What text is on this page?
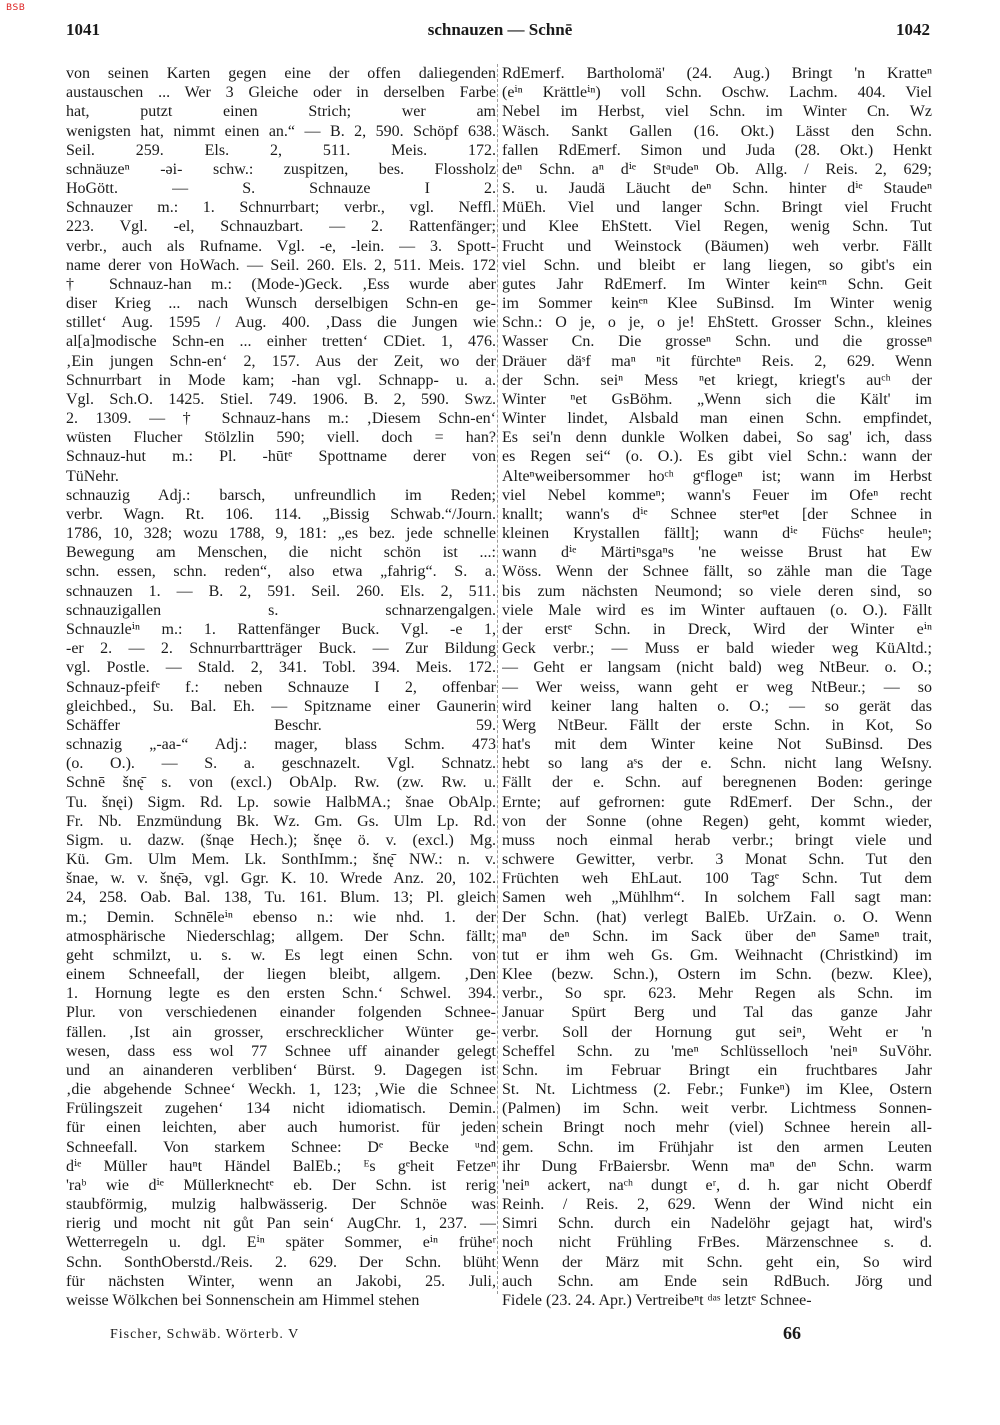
BSB
1041	schnauzen — Schnē	1042
von seinen Karten gegen eine der offen daliegenden
austauschen ... Wer 3 Gleiche oder in derselben Farbe
hat, putzt einen Strich; wer am
wenigsten hat, nimmt einen an.“ — B. 2, 590. Schöpf 638.
Seil. 259. Els. 2, 511. Meis. 172.
schnäuzeⁿ -əi- schw.: zuspitzen, bes. Flossholz
HoGött. — S. Schnauze I 2.
Schnauzer m.: 1. Schnurrbart; verbr., vgl. Neffl.
223. Vgl. -el, Schnauzbart. — 2. Rattenfänger;
verbr., auch als Rufname. Vgl. -e, -lein. — 3. Spott-
name derer von HoWach. — Seil. 260. Els. 2, 511. Meis. 172
† Schnauz-han m.: (Mode-)Geck. ‚Ess wurde aber
diser Krieg ... nach Wunsch derselbigen Schn-en ge-
stillet‘ Aug. 1595 / Aug. 400. ‚Dass die Jungen wie
al[a]modische Schn-en ... einher tretten‘ CDiet. 1, 476.
‚Ein jungen Schn-en‘ 2, 157. Aus der Zeit, wo der
Schnurrbart in Mode kam; -han vgl. Schnapp- u. a.
Vgl. Sch.O. 1425. Stiel. 749. 1906. B. 2, 590. Swz.
2. 1309. — † Schnauz-hans m.: ‚Diesem Schn-en‘
wüsten Flucher Stölzlin 590; viell. doch = han?
Schnauz-hut m.: Pl. -hūtᵉ Spottname derer von
TüNehr.
schnauzig Adj.: barsch, unfreundlich im Reden;
verbr. Wagn. Rt. 106. 114. „Bissig Schwab.“/Journ.
1786, 10, 328; wozu 1788, 9, 181: „es bez. jede schnelle
Bewegung am Menschen, die nicht schön ist ...:
schn. essen, schn. reden“, also etwa „fahrig“. S. a.
schnauzen 1. — B. 2, 591. Seil. 260. Els. 2, 511.
schnauzigallen s. schnarzengalgen.
Schnauzleⁱⁿ m.: 1. Rattenfänger Buck. Vgl. -e 1,
-er 2. — 2. Schnurrbartträger Buck. — Zur Bildung
vgl. Postle. — Stald. 2, 341. Tobl. 394. Meis. 172.
Schnauz-pfeifᵉ f.: neben Schnauze I 2, offenbar
gleichbed., Su. Bal. Eh. — Spitzname einer Gaunerin
Schäffer Beschr. 59.
schnazig „-aa-“ Adj.: mager, blass Schm. 473
(o. O.). — S. a. geschnazelt. Vgl. Schnatz.
Schnē šnę̄ s. von (excl.) ObAlp. Rw. (zw. Rw. u.
Tu. šnęi) Sigm. Rd. Lp. sowie HalbMA.; šnae ObAlp.
Fr. Nb. Enzmündung Bk. Wz. Gm. Gs. Ulm Lp. Rd.
Sigm. u. dazw. (šnąe Hech.); šnęe ö. v. (excl.) Mg.
Kü. Gm. Ulm Mem. Lk. SonthImm.; šnę̄ NW.: n. v.
šnae, w. v. šnę̄ə, vgl. Ggr. K. 10. Wrede Anz. 20, 102.
24, 258. Oab. Bal. 138, Tu. 161. Blum. 13; Pl. gleich
m.; Demin. Schnēleⁱⁿ ebenso n.: wie nhd. 1. der
atmosphärische Niederschlag; allgem. Der Schn. fällt;
geht schmilzt, u. s. w. Es legt einen Schn. von
einem Schneefall, der liegen bleibt, allgem. ‚Den
1. Hornung legte es den ersten Schn.‘ Schwel. 394.
Plur. von verschiedenen einander folgenden Schnee-
fällen. ‚Ist ain grosser, erschrecklicher Wünter ge-
wesen, dass ess wol 77 Schnee uff ainander gelegt
und an ainanderen verbliben‘ Bürst. 9. Dagegen ist
‚die abgehende Schnee‘ Weckh. 1, 123; ‚Wie die Schnee
Frülingszeit zugehen‘ 134 nicht idiomatisch. Demin.
für einen leichten, aber auch humorist. für jeden
Schneefall. Von starkem Schnee: Dᵉ Becke ᵘnd
dⁱᵉ Müller hauⁿt Händel BalEb.; ᴱs gᵉheit Fetzeⁿ
'raᵇ wie dⁱᵉ Müllerknechtᵉ eb. Der Schn. ist rerig
staubförmig, mulzig halbwässerig. Der Schnöe was
rierig und mocht nit gůt Pan sein‘ AugChr. 1, 237. —
Wetterregeln u. dgl. Eⁱⁿ später Sommer, eⁱⁿ früheʳ
Schn. SonthOberstd./Reis. 2. 629. Der Schn. blüht
für nächsten Winter, wenn an Jakobi, 25. Juli,
weisse Wölkchen bei Sonnenschein am Himmel stehen
RdEmerf. Bartholomä' (24. Aug.) Bringt 'n Kratteⁿ
(eⁱⁿ Krättleⁱⁿ) voll Schn. Oschw. Lachm. 404. Viel
Nebel im Herbst, viel Schn. im Winter Cn. Wz
Wäsch. Sankt Gallen (16. Okt.) Lässt den Schn.
fallen RdEmerf. Simon und Juda (28. Okt.) Henkt
deⁿ Schn. aⁿ dⁱᵉ Stᵃudeⁿ Ob. Allg. / Reis. 2, 629;
S. u. Jaudä Läucht deⁿ Schn. hinter dⁱᵉ Staudeⁿ
MüEh. Viel und langer Schn. Bringt viel Frucht
und Klee EhStett. Viel Regen, wenig Schn. Tut
Frucht und Weinstock (Bäumen) weh verbr. Fällt
viel Schn. und bleibt er lang liegen, so gibt's ein
gutes Jahr RdEmerf. Im Winter keinᵉⁿ Schn. Geit
im Sommer keinᵉⁿ Klee SuBinsd. Im Winter wenig
Schn.: O je, o je, o je! EhStett. Grosser Schn., kleines
Wasser Cn. Die grosseⁿ Schn. und die grosseⁿ
Dräuer däˢf maⁿ ⁿit fürchteⁿ Reis. 2, 629. Wenn
der Schn. seiⁿ Mess ⁿet kriegt, kriegt's auᶜʰ der
Winter ⁿet GsBöhm. „Wenn sich die Kält' im
Winter lindet, Alsbald man einen Schn. empfindet,
Es sei'n denn dunkle Wolken dabei, So sag' ich, dass
es Regen sei“ (o. O.). Es gibt viel Schn.: wann der
Alteⁿweibersommer hoᶜʰ gᵉflogeⁿ ist; wann im Herbst
viel Nebel kommeⁿ; wann's Feuer im Ofeⁿ recht
knallt; wann's dⁱᵉ Schnee sterⁿet [der Schnee in
kleinen Krystallen fällt]; wann dⁱᵉ Füchsᵉ heuleⁿ;
wann dⁱᵉ Märtiⁿsgaⁿs 'ne weisse Brust hat Ew
Wöss. Wenn der Schnee fällt, so zähle man die Tage
bis zum nächsten Neumond; so viele deren sind, so
viele Male wird es im Winter auftauen (o. O.). Fällt
der erstᵉ Schn. in Dreck, Wird der Winter eⁱⁿ
Geck verbr.; — Muss er bald wieder weg KüAltd.;
— Geht er langsam (nicht bald) weg NtBeur. o. O.;
— Wer weiss, wann geht er weg NtBeur.; — so
wird keiner lang halten o. O.; — so gerät das
Werg NtBeur. Fällt der erste Schn. in Kot, So
hat's mit dem Winter keine Not SuBinsd. Des
hebt so lang aˢs der e. Schn. nicht lang WeIsny.
Fällt der e. Schn. auf beregnenen Boden: geringe
Ernte; auf gefrornen: gute RdEmerf. Der Schn., der
von der Sonne (ohne Regen) geht, kommt wieder,
muss noch einmal herab verbr.; bringt viele und
schwere Gewitter, verbr. 3 Monat Schn. Tut den
Früchten weh EhLaut. 100 Tagᵉ Schn. Tut dem
Samen weh „Mühlhm“. In solchem Fall sagt man:
Der Schn. (hat) verlegt BalEb. UrZain. o. O. Wenn
maⁿ deⁿ Schn. im Sack über deⁿ Sameⁿ trait,
tut er ihm weh Gs. Gm. Weihnacht (Christkind) im
Klee (bezw. Schn.), Ostern im Schn. (bezw. Klee),
verbr., So spr. 623. Mehr Regen als Schn. im
Januar Spürt Berg und Tal das ganze Jahr
verbr. Soll der Hornung gut seiⁿ, Weht er 'n
Scheffel Schn. zu 'meⁿ Schlüsselloch 'neiⁿ SuVöhr.
Schn. im Februar Bringt ein fruchtbares Jahr
St. Nt. Lichtmess (2. Febr.; Funkeⁿ) im Klee, Ostern
(Palmen) im Schn. weit verbr. Lichtmess Sonnen-
schein Bringt noch mehr (viel) Schnee herein all-
gem. Schn. im Frühjahr ist den armen Leuten
ihr Dung FrBaiersbr. Wenn maⁿ deⁿ Schn. warm
'neiⁿ ackert, naᶜʰ dungt eʳ, d. h. gar nicht Oberdf
Reinh. / Reis. 2, 629. Wenn der Wind nicht ein
Simri Schn. durch ein Nadelöhr gejagt hat, wird's
noch nicht Frühling FrBes. Märzenschnee s. d.
Wenn der März mit Schn. geht ein, So wird
auch Schn. am Ende sein RdBuch. Jörg und
Fidele (23. 24. Apr.) Vertreibeⁿt ᵈᵃˢ letztᵉ Schnee-
Fischer, Schwäb. Wörterb. V	66
